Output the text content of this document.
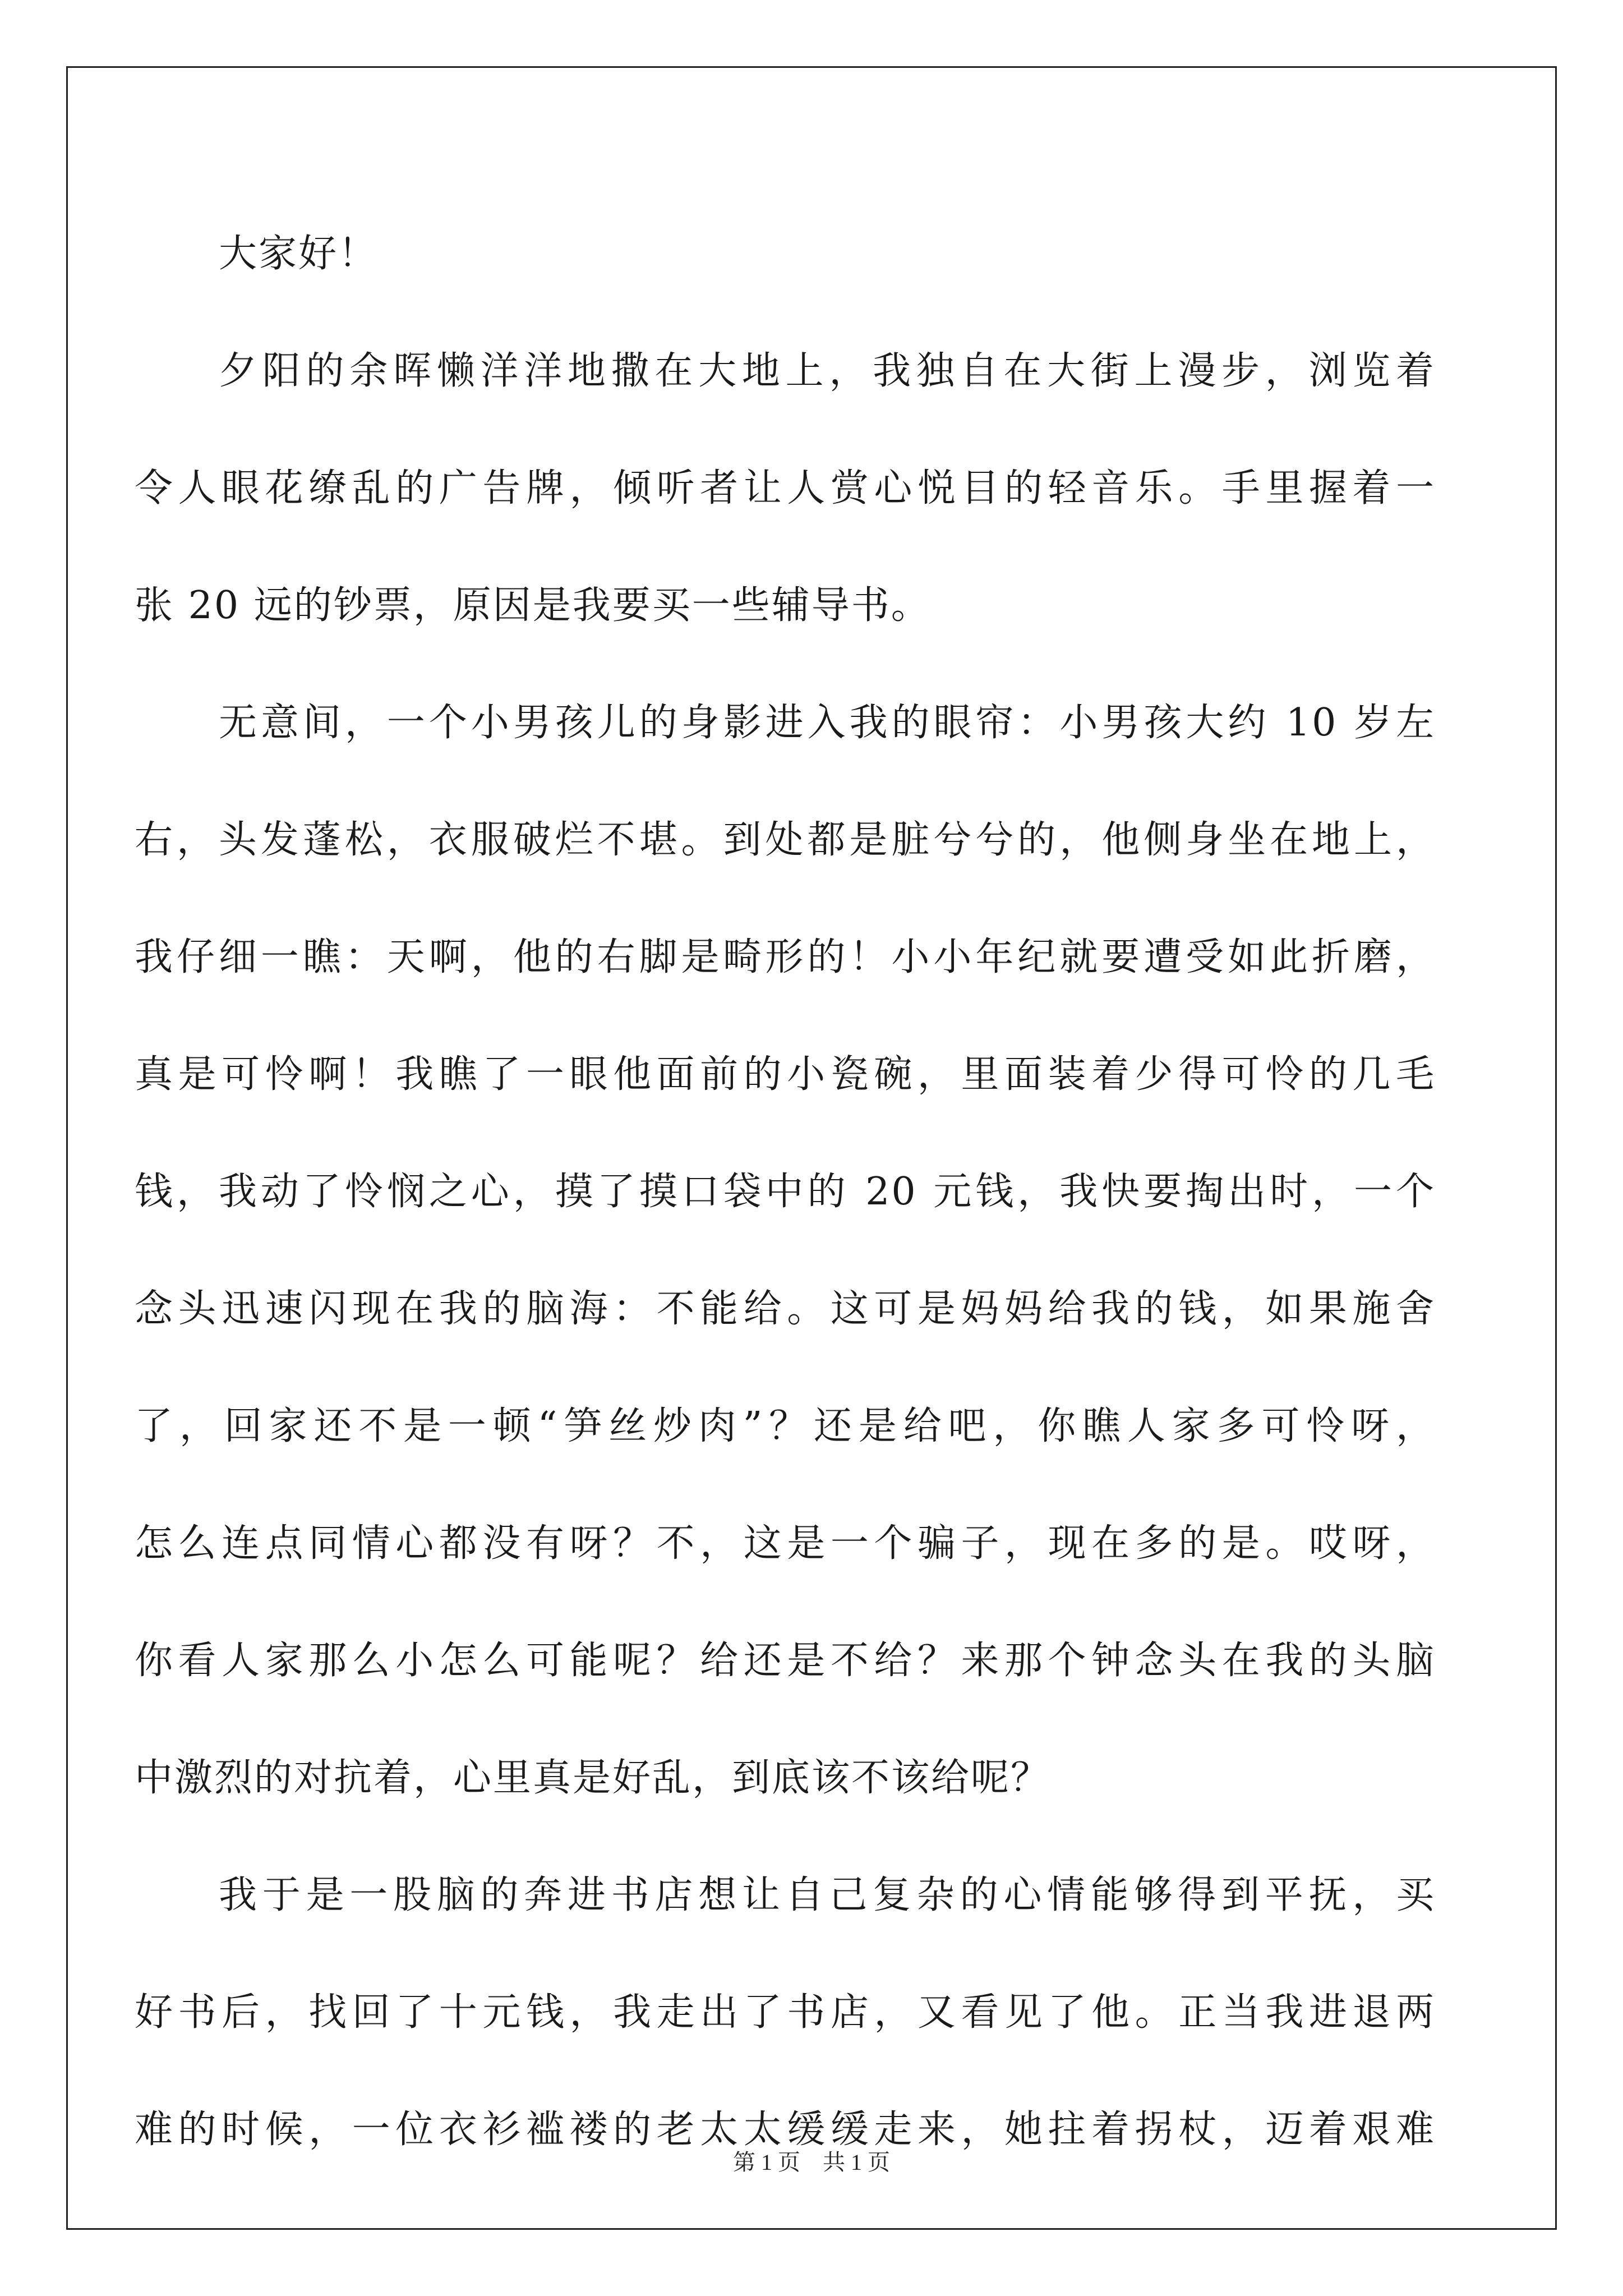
大家好！
夕阳的余晖懒洋洋地撒在大地上，我独自在大街上漫步，浏览着
令人眼花缭乱的广告牌，倾听者让人赏心悦目的轻音乐。手里握着一
张 20 远的钞票，原因是我要买一些辅导书。
无意间，一个小男孩儿的身影进入我的眼帘：小男孩大约 10 岁左
右，头发蓬松，衣服破烂不堪。到处都是脏兮兮的，他侧身坐在地上，
我仔细一瞧：天啊，他的右脚是畸形的！小小年纪就要遭受如此折磨，
真是可怜啊！我瞧了一眼他面前的小瓷碗，里面装着少得可怜的几毛
钱，我动了怜悯之心，摸了摸口袋中的 20 元钱，我快要掏出时，一个
念头迅速闪现在我的脑海：不能给。这可是妈妈给我的钱，如果施舍
了，回家还不是一顿“笋丝炒肉”？还是给吧，你瞧人家多可怜呀，
怎么连点同情心都没有呀？不，这是一个骗子，现在多的是。哎呀，
你看人家那么小怎么可能呢？给还是不给？来那个钟念头在我的头脑
中激烈的对抗着，心里真是好乱，到底该不该给呢？
我于是一股脑的奔进书店想让自己复杂的心情能够得到平抚，买
好书后，找回了十元钱，我走出了书店，又看见了他。正当我进退两
难的时候，一位衣衫褴褛的老太太缓缓走来，她拄着拐杖，迈着艰难
第 1 页　共 1 页
